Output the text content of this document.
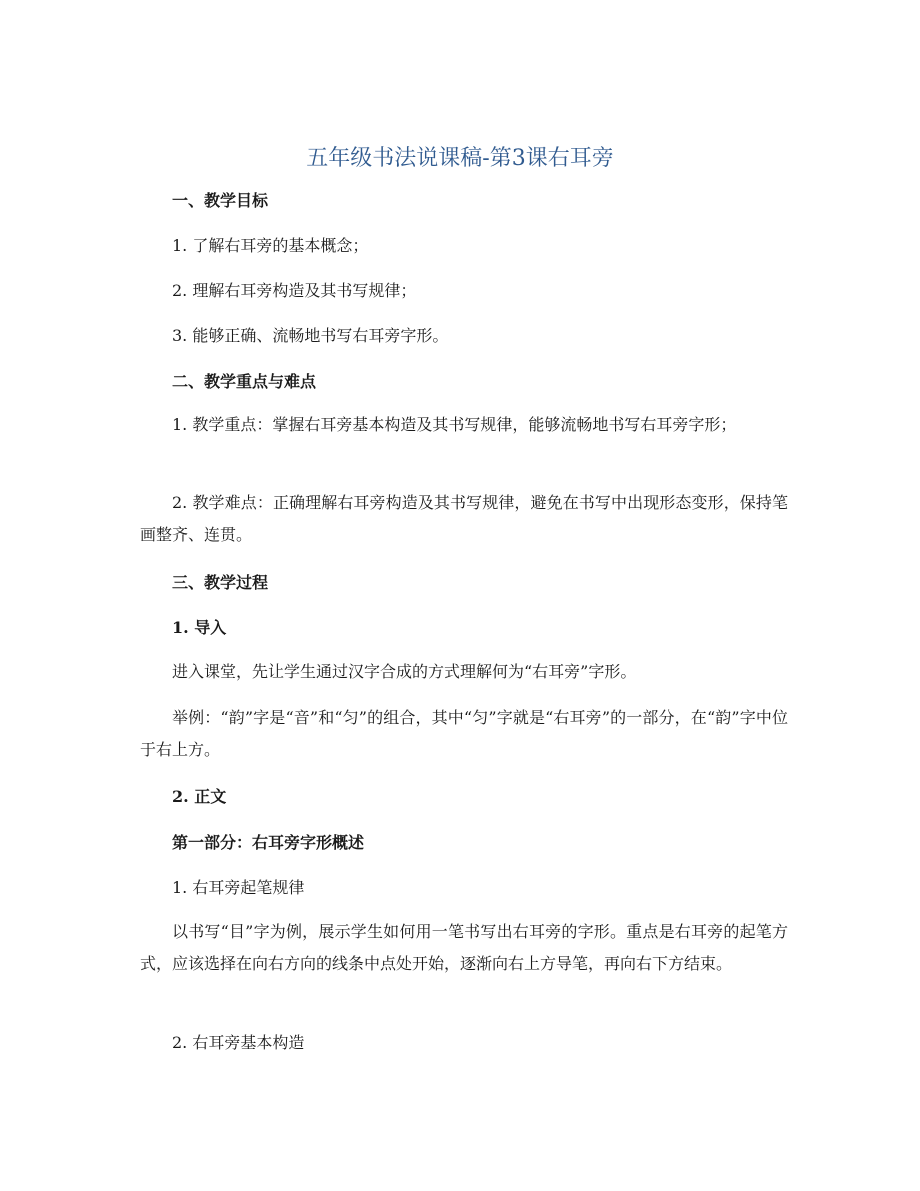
五年级书法说课稿-第3课右耳旁

一、教学目标

1. 了解右耳旁的基本概念；

2. 理解右耳旁构造及其书写规律；

3. 能够正确、流畅地书写右耳旁字形。

二、教学重点与难点

1. 教学重点：掌握右耳旁基本构造及其书写规律，能够流畅地书写右耳旁字形；

2. 教学难点：正确理解右耳旁构造及其书写规律，避免在书写中出现形态变形，保持笔画整齐、连贯。

三、教学过程

1. 导入

进入课堂，先让学生通过汉字合成的方式理解何为“右耳旁”字形。

举例：“韵”字是“音”和“匀”的组合，其中“匀”字就是“右耳旁”的一部分，在“韵”字中位于右上方。

2. 正文

第一部分：右耳旁字形概述

1. 右耳旁起笔规律

以书写“目”字为例，展示学生如何用一笔书写出右耳旁的字形。重点是右耳旁的起笔方式，应该选择在向右方向的线条中点处开始，逐渐向右上方导笔，再向右下方结束。

2. 右耳旁基本构造
